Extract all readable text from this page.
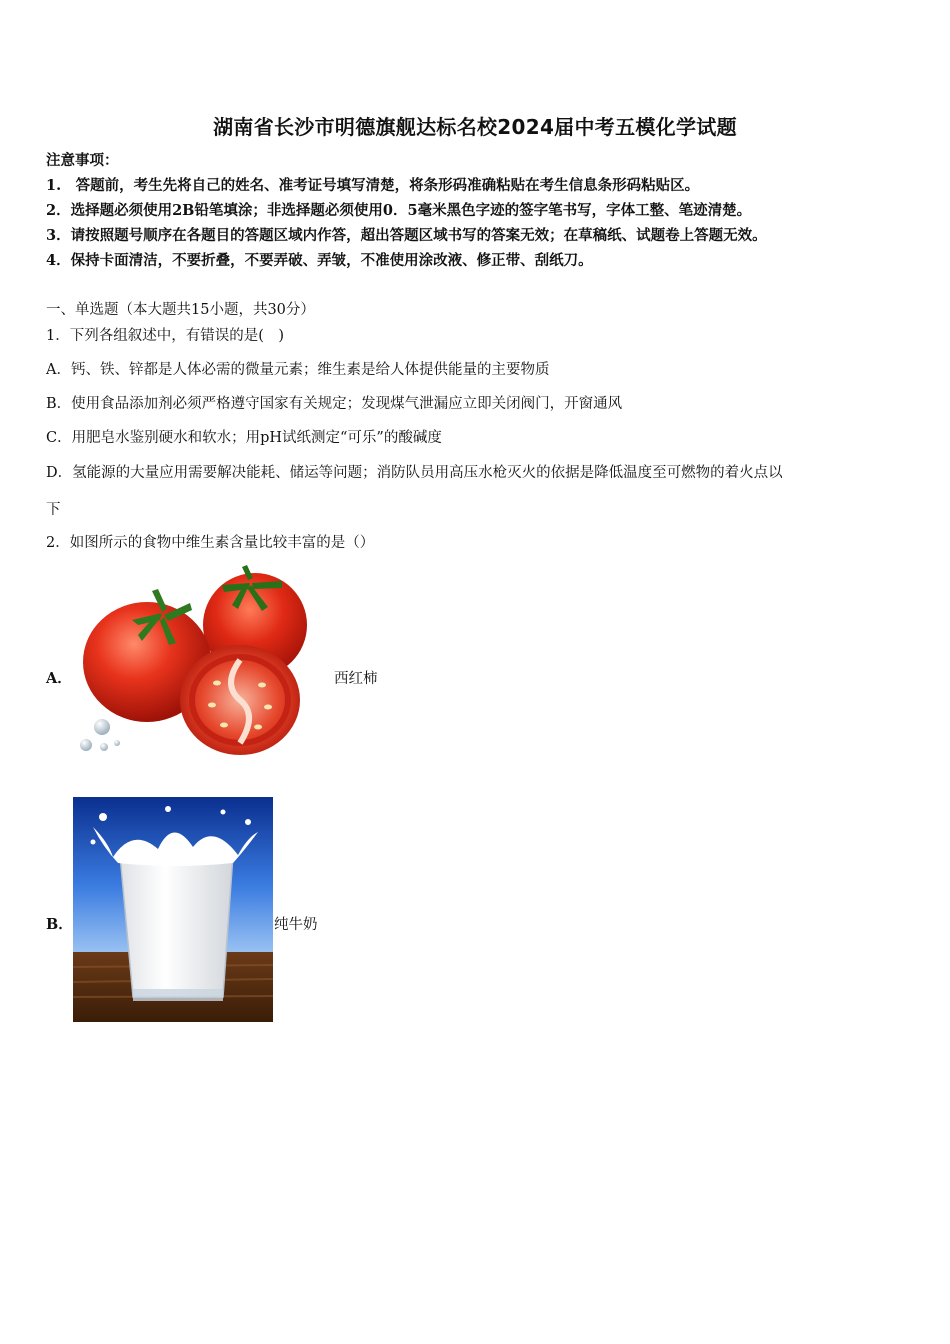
湖南省长沙市明德旗舰达标名校2024届中考五模化学试题
注意事项：
1.　答题前，考生先将自己的姓名、准考证号填写清楚，将条形码准确粘贴在考生信息条形码粘贴区。
2．选择题必须使用2B铅笔填涂；非选择题必须使用0．5毫米黑色字迹的签字笔书写，字体工整、笔迹清楚。
3．请按照题号顺序在各题目的答题区域内作答，超出答题区域书写的答案无效；在草稿纸、试题卷上答题无效。
4．保持卡面清洁，不要折叠，不要弄破、弄皱，不准使用涂改液、修正带、刮纸刀。
一、单选题（本大题共15小题，共30分）
1．下列各组叙述中，有错误的是(　)
A．钙、铁、锌都是人体必需的微量元素；维生素是给人体提供能量的主要物质
B．使用食品添加剂必须严格遵守国家有关规定；发现煤气泄漏应立即关闭阀门，开窗通风
C．用肥皂水鉴别硬水和软水；用pH试纸测定“可乐”的酸碱度
D．氢能源的大量应用需要解决能耗、储运等问题；消防队员用高压水枪灭火的依据是降低温度至可燃物的着火点以
下
2．如图所示的食物中维生素含量比较丰富的是（）
A．	西红柿
B．	纯牛奶
